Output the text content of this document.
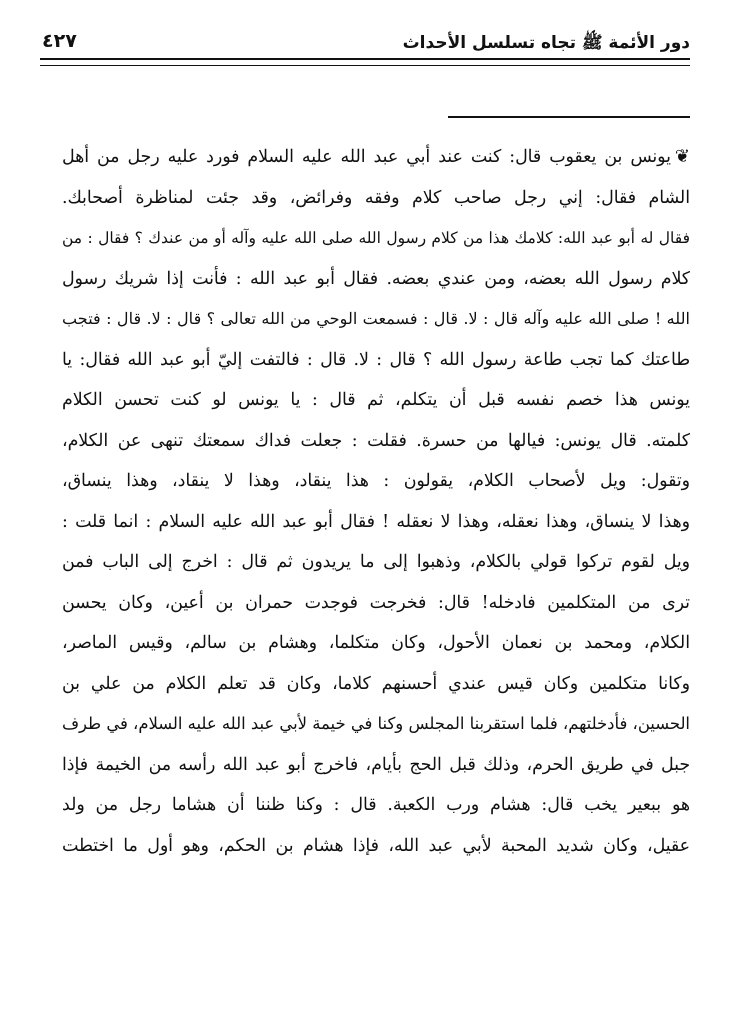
دور الأئمة ﷺ تجاه تسلسل الأحداث
٤٢٧
❦يونس بن يعقوب قال: كنت عند أبي عبد الله عليه السلام فورد عليه رجل من أهل
الشام فقال: إني رجل صاحب كلام وفقه وفرائض، وقد جئت لمناظرة أصحابك.
فقال له أبو عبد الله: كلامك هذا من كلام رسول الله صلى الله عليه وآله أو من عندك ؟ فقال : من
كلام رسول الله بعضه، ومن عندي بعضه. فقال أبو عبد الله : فأنت إذا شريك رسول
الله ! صلى الله عليه وآله قال : لا. قال : فسمعت الوحي من الله تعالى ؟ قال : لا. قال : فتجب
طاعتك كما تجب طاعة رسول الله ؟ قال : لا. قال : فالتفت إليّ أبو عبد الله فقال: يا
يونس هذا خصم نفسه قبل أن يتكلم، ثم قال : يا يونس لو كنت تحسن الكلام
كلمته. قال يونس: فيالها من حسرة. فقلت : جعلت فداك سمعتك تنهى عن الكلام،
وتقول: ويل لأصحاب الكلام، يقولون : هذا ينقاد، وهذا لا ينقاد، وهذا ينساق،
وهذا لا ينساق، وهذا نعقله، وهذا لا نعقله ! فقال أبو عبد الله عليه السلام : انما قلت :
ويل لقوم تركوا قولي بالكلام، وذهبوا إلى ما يريدون ثم قال : اخرج إلى الباب فمن
ترى من المتكلمين فادخله! قال: فخرجت فوجدت حمران بن أعين، وكان يحسن
الكلام، ومحمد بن نعمان الأحول، وكان متكلما، وهشام بن سالم، وقيس الماصر،
وكانا متكلمين وكان قيس عندي أحسنهم كلاما، وكان قد تعلم الكلام من علي بن
الحسين، فأدخلتهم، فلما استقربنا المجلس وكنا في خيمة لأبي عبد الله عليه السلام، في طرف
جبل في طريق الحرم، وذلك قبل الحج بأيام، فاخرج أبو عبد الله رأسه من الخيمة فإذا
هو ببعير يخب قال: هشام ورب الكعبة. قال : وكنا ظننا أن هشاما رجل من ولد
عقيل، وكان شديد المحبة لأبي عبد الله، فإذا هشام بن الحكم، وهو أول ما اختطت
